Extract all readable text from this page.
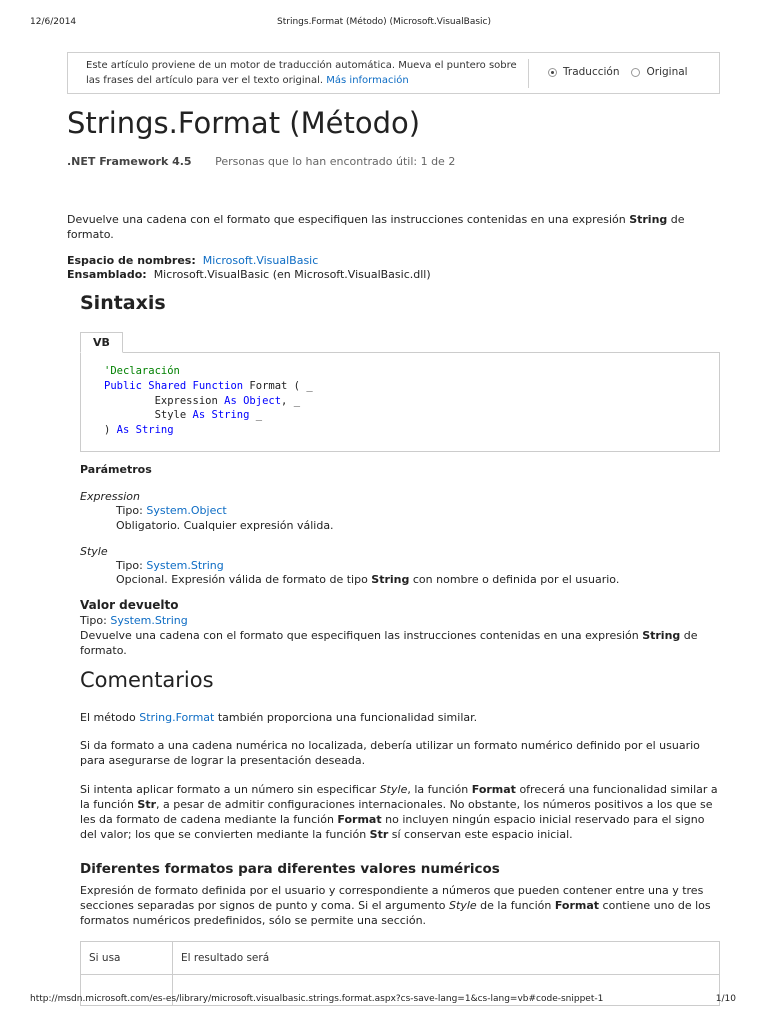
12/6/2014	Strings.Format (Método) (Microsoft.VisualBasic)
Este artículo proviene de un motor de traducción automática. Mueva el puntero sobre las frases del artículo para ver el texto original. Más información
Traducción	Original
Strings.Format (Método)
.NET Framework 4.5 Personas que lo han encontrado útil: 1 de 2
Devuelve una cadena con el formato que especifiquen las instrucciones contenidas en una expresión String de formato.
Espacio de nombres: Microsoft.VisualBasic
Ensamblado: Microsoft.VisualBasic (en Microsoft.VisualBasic.dll)
Sintaxis
VB
'Declaración
Public Shared Function Format ( _
Expression As Object, _
Style As String _
) As String
Parámetros
Expression
Tipo: System.Object
Obligatorio. Cualquier expresión válida.
Style
Tipo: System.String
Opcional. Expresión válida de formato de tipo String con nombre o definida por el usuario.
Valor devuelto
Tipo: System.String
Devuelve una cadena con el formato que especifiquen las instrucciones contenidas en una expresión String de formato.
Comentarios
El método String.Format también proporciona una funcionalidad similar.
Si da formato a una cadena numérica no localizada, debería utilizar un formato numérico definido por el usuario para asegurarse de lograr la presentación deseada.
Si intenta aplicar formato a un número sin especificar Style, la función Format ofrecerá una funcionalidad similar a la función Str, a pesar de admitir configuraciones internacionales. No obstante, los números positivos a los que se les da formato de cadena mediante la función Format no incluyen ningún espacio inicial reservado para el signo del valor; los que se convierten mediante la función Str sí conservan este espacio inicial.
Diferentes formatos para diferentes valores numéricos
Expresión de formato definida por el usuario y correspondiente a números que pueden contener entre una y tres secciones separadas por signos de punto y coma. Si el argumento Style de la función Format contiene uno de los formatos numéricos predefinidos, sólo se permite una sección.
Si usa	El resultado será

http://msdn.microsoft.com/es-es/library/microsoft.visualbasic.strings.format.aspx?cs-save-lang=1&cs-lang=vb#code-snippet-1	1/10
